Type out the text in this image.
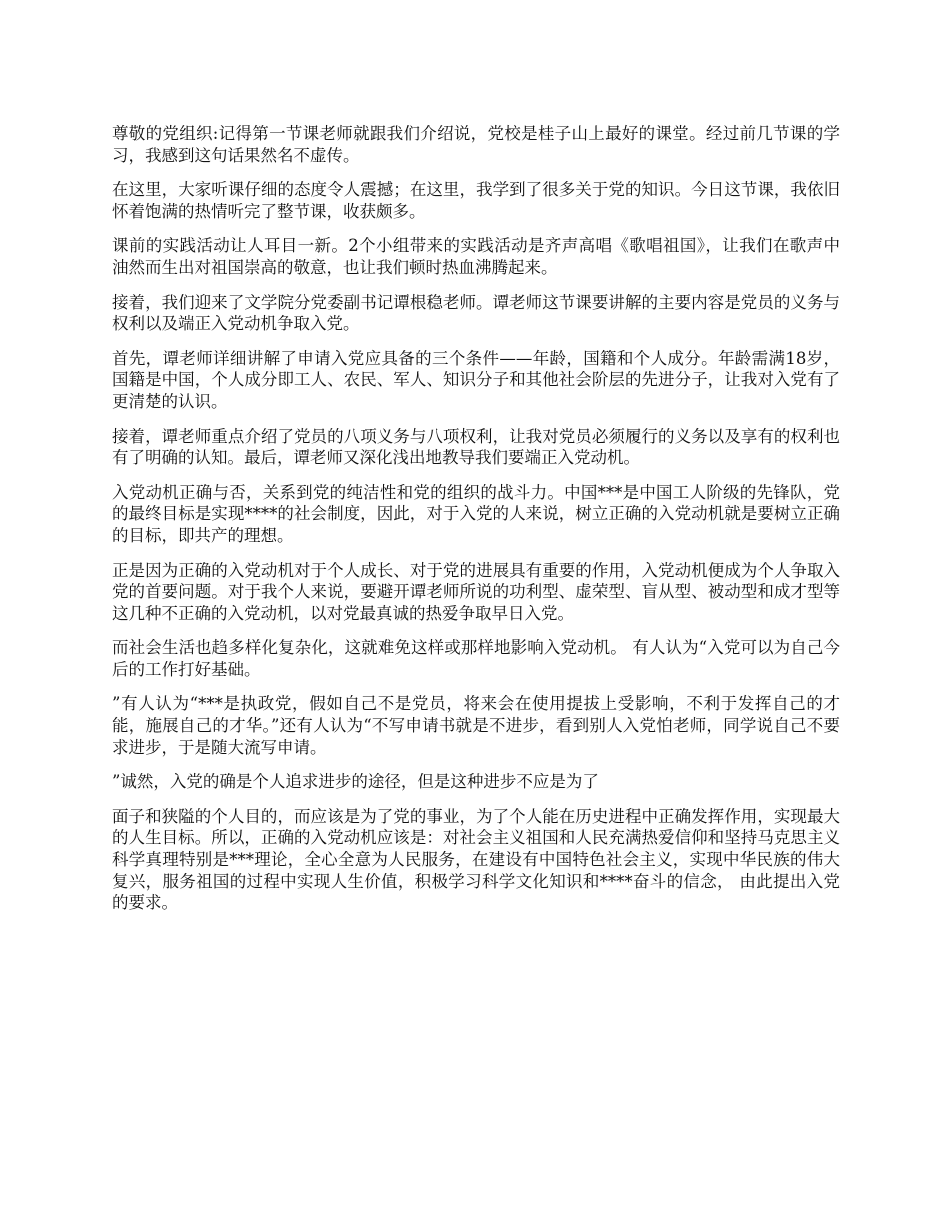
尊敬的党组织:记得第一节课老师就跟我们介绍说，党校是桂子山上最好的课堂。经过前几节课的学习，我感到这句话果然名不虚传。

在这里，大家听课仔细的态度令人震撼；在这里，我学到了很多关于党的知识。今日这节课，我依旧怀着饱满的热情听完了整节课，收获颇多。

课前的实践活动让人耳目一新。2个小组带来的实践活动是齐声高唱《歌唱祖国》，让我们在歌声中油然而生出对祖国崇高的敬意，也让我们顿时热血沸腾起来。

接着，我们迎来了文学院分党委副书记谭根稳老师。谭老师这节课要讲解的主要内容是党员的义务与权利以及端正入党动机争取入党。

首先，谭老师详细讲解了申请入党应具备的三个条件——年龄，国籍和个人成分。年龄需满18岁，国籍是中国，个人成分即工人、农民、军人、知识分子和其他社会阶层的先进分子，让我对入党有了更清楚的认识。

接着，谭老师重点介绍了党员的八项义务与八项权利，让我对党员必须履行的义务以及享有的权利也有了明确的认知。最后，谭老师又深化浅出地教导我们要端正入党动机。

入党动机正确与否，关系到党的纯洁性和党的组织的战斗力。中国***是中国工人阶级的先锋队，党的最终目标是实现****的社会制度，因此，对于入党的人来说，树立正确的入党动机就是要树立正确的目标，即共产的理想。

正是因为正确的入党动机对于个人成长、对于党的进展具有重要的作用，入党动机便成为个人争取入党的首要问题。对于我个人来说，要避开谭老师所说的功利型、虚荣型、盲从型、被动型和成才型等这几种不正确的入党动机，以对党最真诚的热爱争取早日入党。

而社会生活也趋多样化复杂化，这就难免这样或那样地影响入党动机。 有人认为“入党可以为自己今后的工作打好基础。

”有人认为“***是执政党，假如自己不是党员，将来会在使用提拔上受影响，不利于发挥自己的才能，施展自己的才华。”还有人认为“不写申请书就是不进步，看到别人入党怕老师，同学说自己不要求进步，于是随大流写申请。

”诚然，入党的确是个人追求进步的途径，但是这种进步不应是为了

面子和狭隘的个人目的，而应该是为了党的事业，为了个人能在历史进程中正确发挥作用，实现最大的人生目标。所以，正确的入党动机应该是：对社会主义祖国和人民充满热爱信仰和坚持马克思主义科学真理特别是***理论，全心全意为人民服务，在建设有中国特色社会主义，实现中华民族的伟大复兴，服务祖国的过程中实现人生价值，积极学习科学文化知识和****奋斗的信念， 由此提出入党的要求。
